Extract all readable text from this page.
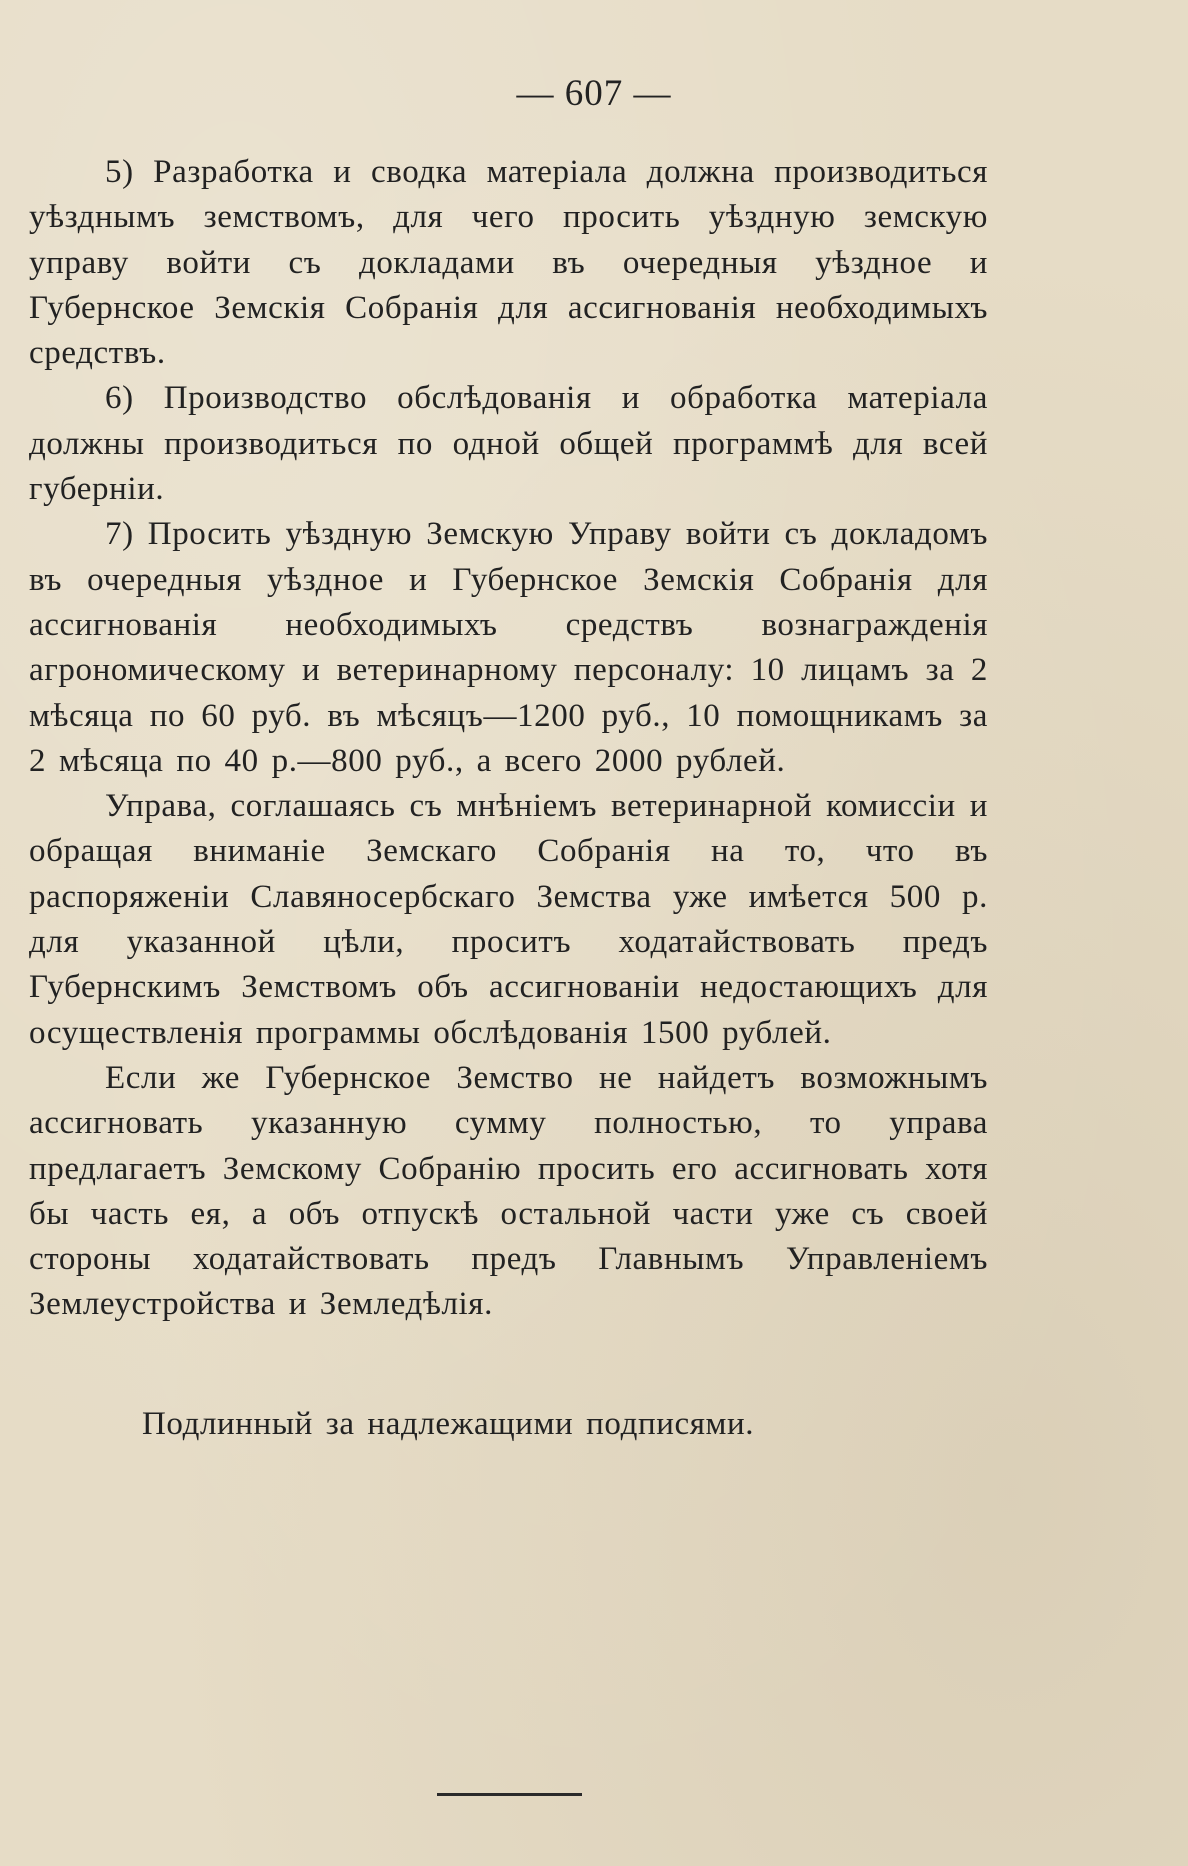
— 607 —

5) Разработка и сводка матеріала должна производиться уѣзднымъ земствомъ, для чего просить уѣздную земскую управу войти съ докладами въ очередныя уѣздное и Губернское Земскія Собранія для ассигнованія необходимыхъ средствъ.

6) Производство обслѣдованія и обработка матеріала должны производиться по одной общей программѣ для всей губерніи.

7) Просить уѣздную Земскую Управу войти съ докладомъ въ очередныя уѣздное и Губернское Земскія Собранія для ассигнованія необходимыхъ средствъ вознагражденія агрономическому и ветеринарному персоналу: 10 лицамъ за 2 мѣсяца по 60 руб. въ мѣсяцъ—1200 руб., 10 помощникамъ за 2 мѣсяца по 40 р.—800 руб., а всего 2000 рублей.

Управа, соглашаясь съ мнѣніемъ ветеринарной комиссіи и обращая вниманіе Земскаго Собранія на то, что въ распоряженіи Славяносербскаго Земства уже имѣется 500 р. для указанной цѣли, проситъ ходатайствовать предъ Губернскимъ Земствомъ объ ассигнованіи недостающихъ для осуществленія программы обслѣдованія 1500 рублей.

Если же Губернское Земство не найдетъ возможнымъ ассигновать указанную сумму полностью, то управа предлагаетъ Земскому Собранію просить его ассигновать хотя бы часть ея, а объ отпускѣ остальной части уже съ своей стороны ходатайствовать предъ Главнымъ Управленіемъ Землеустройства и Земледѣлія.

Подлинный за надлежащими подписями.
